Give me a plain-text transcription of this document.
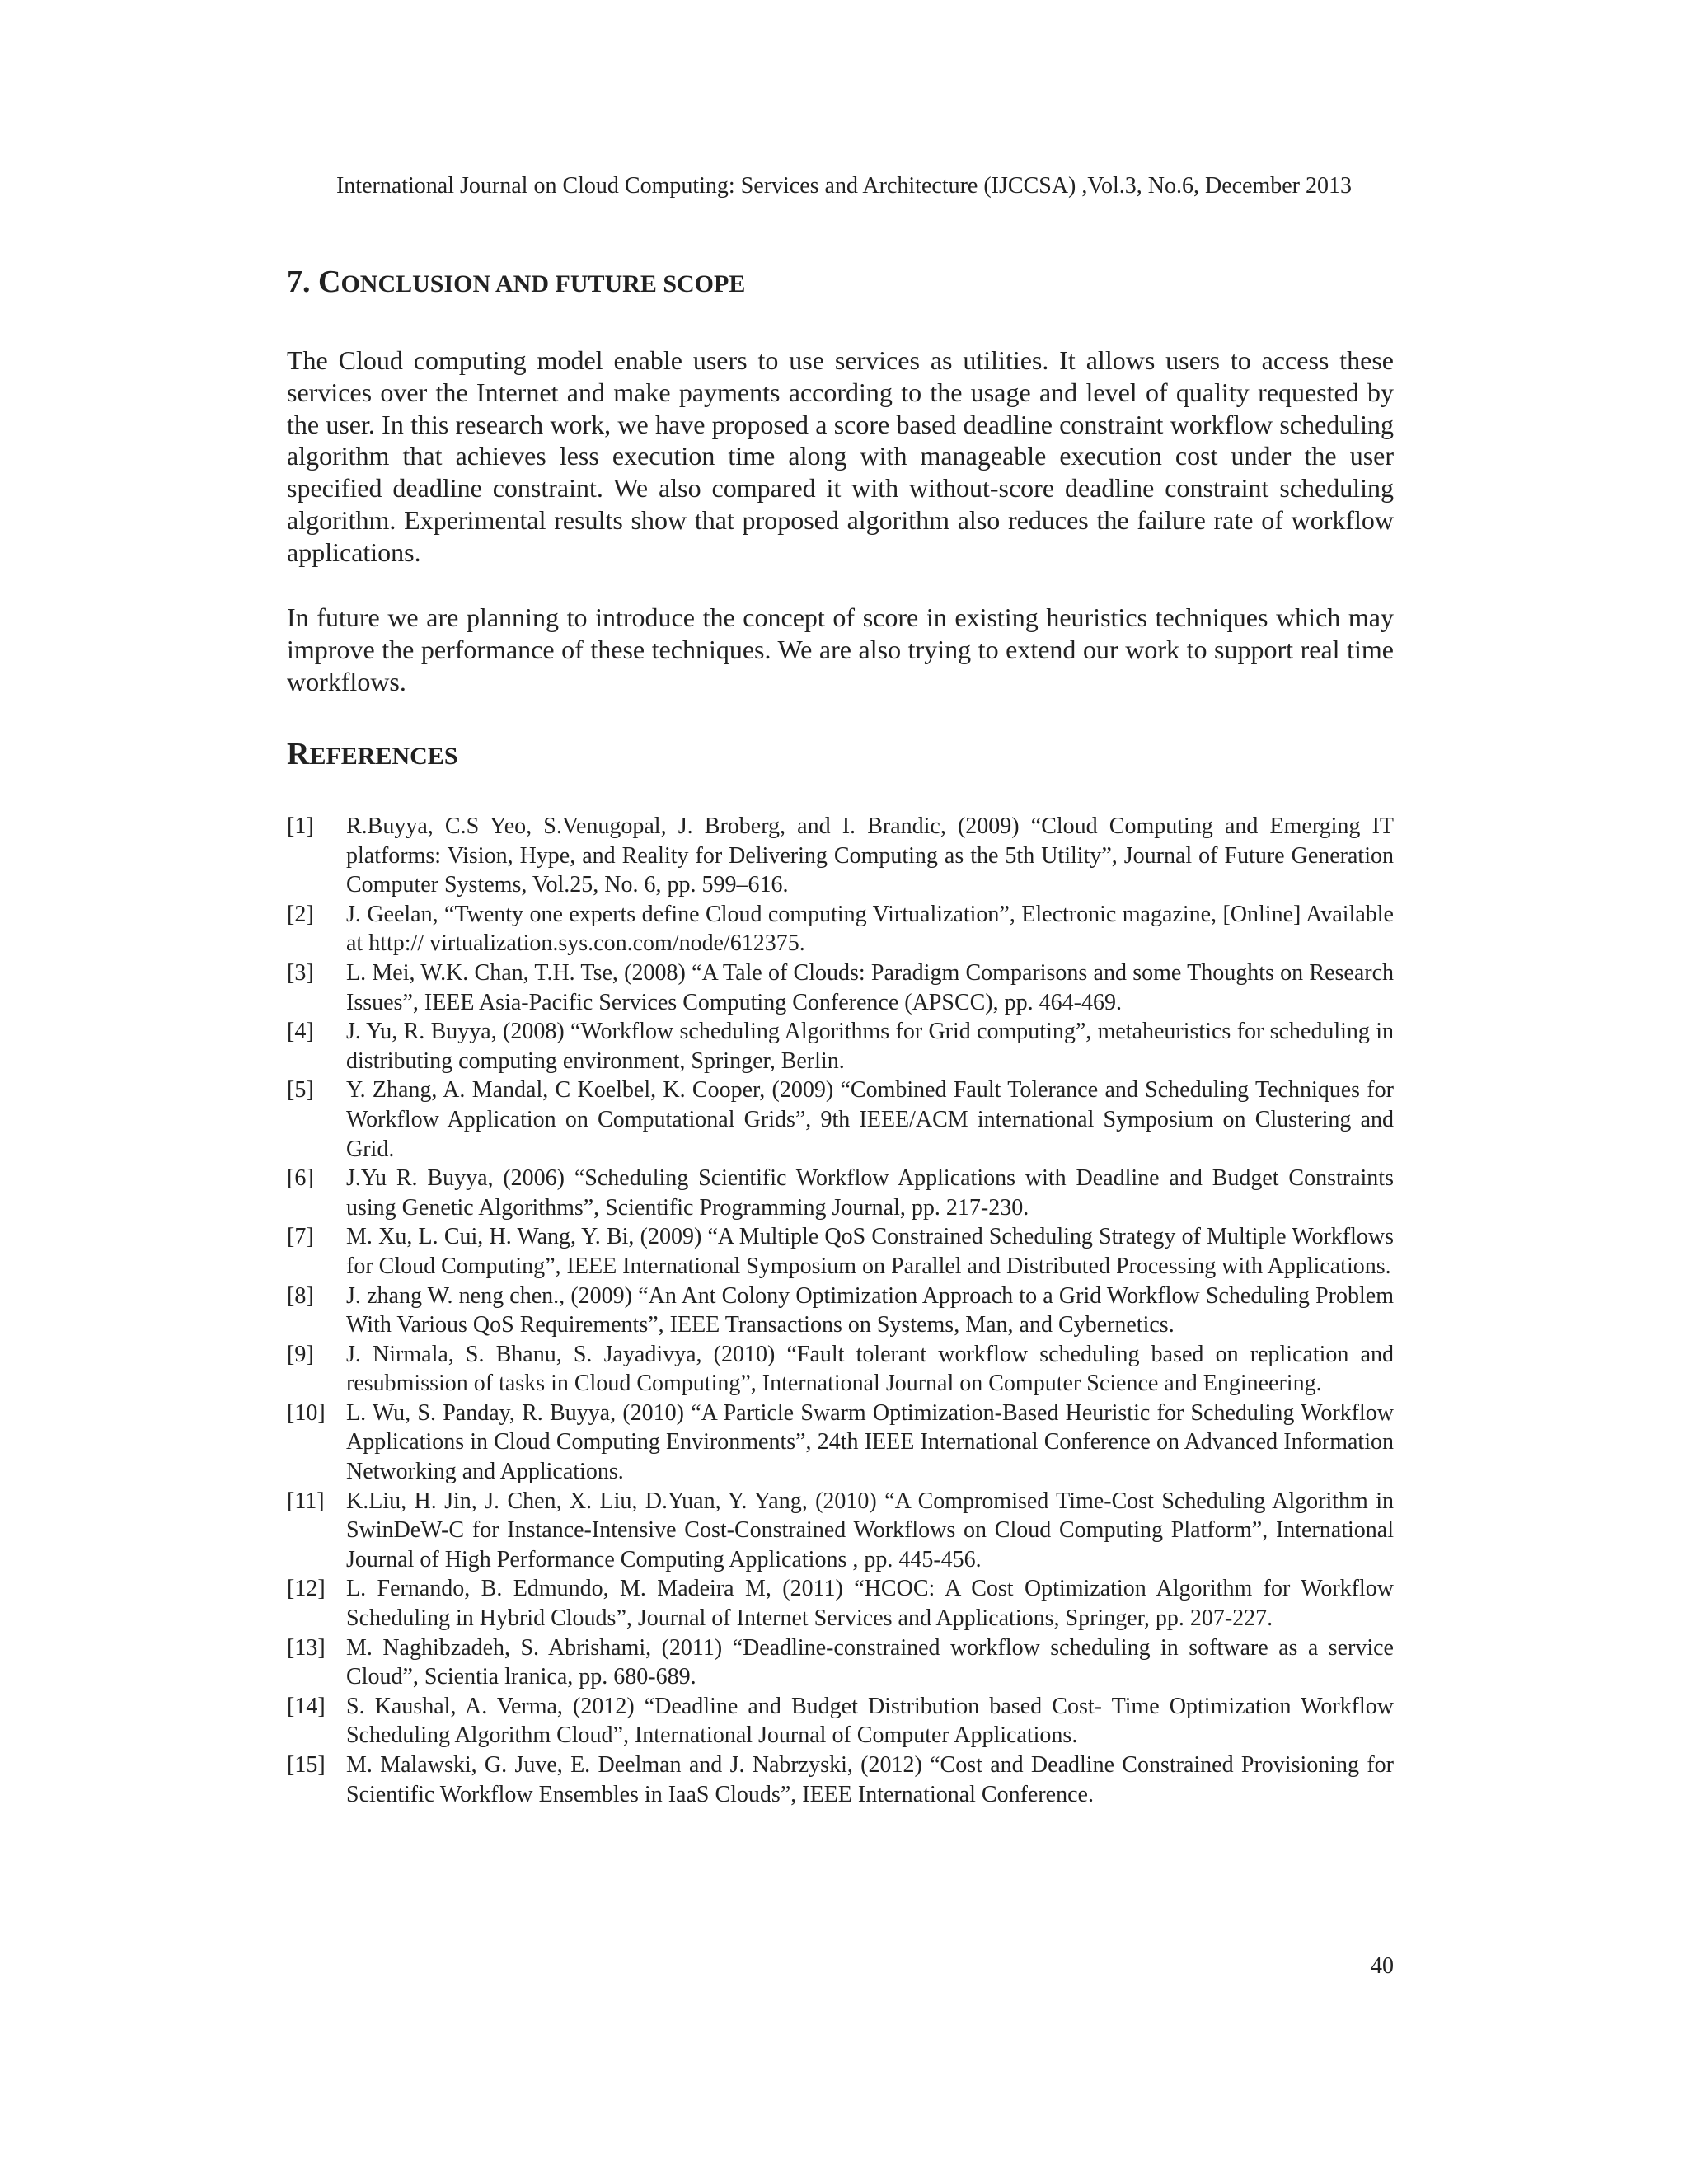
International Journal on Cloud Computing: Services and Architecture (IJCCSA) ,Vol.3, No.6, December 2013
7. CONCLUSION AND FUTURE SCOPE

The Cloud computing model enable users to use services as utilities. It allows users to access these services over the Internet and make payments according to the usage and level of quality requested by the user. In this research work, we have proposed a score based deadline constraint workflow scheduling algorithm that achieves less execution time along with manageable execution cost under the user specified deadline constraint. We also compared it with without-score deadline constraint scheduling algorithm. Experimental results show that proposed algorithm also reduces the failure rate of workflow applications.

In future we are planning to introduce the concept of score in existing heuristics techniques which may improve the performance of these techniques. We are also trying to extend our work to support real time workflows.

REFERENCES
[1]	R.Buyya, C.S Yeo, S.Venugopal, J. Broberg, and I. Brandic, (2009) “Cloud Computing and Emerging IT platforms: Vision, Hype, and Reality for Delivering Computing as the 5th Utility”, Journal of Future Generation Computer Systems, Vol.25, No. 6, pp. 599–616.
[2]	J. Geelan, “Twenty one experts define Cloud computing Virtualization”, Electronic magazine, [Online] Available at http:// virtualization.sys.con.com/node/612375.
[3]	L. Mei, W.K. Chan, T.H. Tse, (2008) “A Tale of Clouds: Paradigm Comparisons and some Thoughts on Research Issues”, IEEE Asia-Pacific Services Computing Conference (APSCC), pp. 464-469.
[4]	J. Yu, R. Buyya, (2008) “Workflow scheduling Algorithms for Grid computing”, metaheuristics for scheduling in distributing computing environment, Springer, Berlin.
[5]	Y. Zhang, A. Mandal, C Koelbel, K. Cooper, (2009) “Combined Fault Tolerance and Scheduling Techniques for Workflow Application on Computational Grids”, 9th IEEE/ACM international Symposium on Clustering and Grid.
[6]	J.Yu R. Buyya, (2006) “Scheduling Scientific Workflow Applications with Deadline and Budget Constraints using Genetic Algorithms”, Scientific Programming Journal, pp. 217-230.
[7]	M. Xu, L. Cui, H. Wang, Y. Bi, (2009) “A Multiple QoS Constrained Scheduling Strategy of Multiple Workflows for Cloud Computing”, IEEE International Symposium on Parallel and Distributed Processing with Applications.
[8]	J. zhang W. neng chen., (2009) “An Ant Colony Optimization Approach to a Grid Workflow Scheduling Problem With Various QoS Requirements”, IEEE Transactions on Systems, Man, and Cybernetics.
[9]	J. Nirmala, S. Bhanu, S. Jayadivya, (2010) “Fault tolerant workflow scheduling based on replication and resubmission of tasks in Cloud Computing”, International Journal on Computer Science and Engineering.
[10] L. Wu, S. Panday, R. Buyya, (2010) “A Particle Swarm Optimization-Based Heuristic for Scheduling Workflow Applications in Cloud Computing Environments”, 24th IEEE International Conference on Advanced Information Networking and Applications.
[11] K.Liu, H. Jin, J. Chen, X. Liu, D.Yuan, Y. Yang, (2010) “A Compromised Time-Cost Scheduling Algorithm in SwinDeW-C for Instance-Intensive Cost-Constrained Workflows on Cloud Computing Platform”, International Journal of High Performance Computing Applications , pp. 445-456.
[12] L. Fernando, B. Edmundo, M. Madeira M, (2011) “HCOC: A Cost Optimization Algorithm for Workflow Scheduling in Hybrid Clouds”, Journal of Internet Services and Applications, Springer, pp. 207-227.
[13] M. Naghibzadeh, S. Abrishami, (2011) “Deadline-constrained workflow scheduling in software as a service Cloud”, Scientia lranica, pp. 680-689.
[14] S. Kaushal, A. Verma, (2012) “Deadline and Budget Distribution based Cost- Time Optimization Workflow Scheduling Algorithm Cloud”, International Journal of Computer Applications.
[15] M. Malawski, G. Juve, E. Deelman and J. Nabrzyski, (2012) “Cost and Deadline Constrained Provisioning for Scientific Workflow Ensembles in IaaS Clouds”, IEEE International Conference.
40
